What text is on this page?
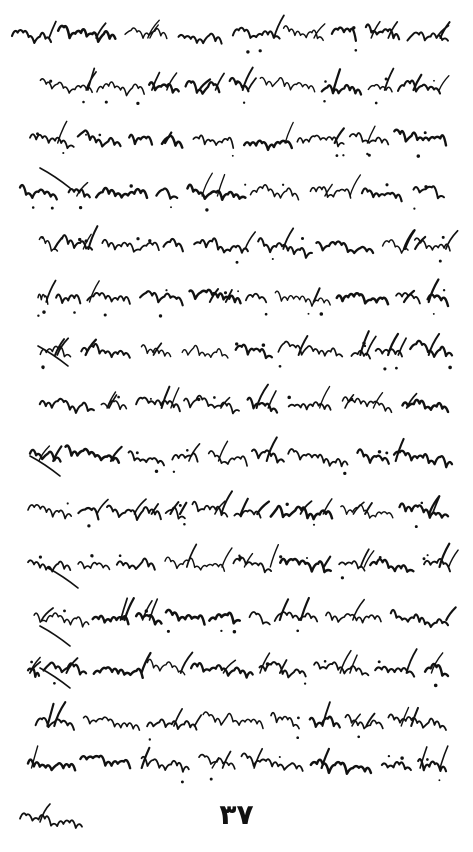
۳۷
